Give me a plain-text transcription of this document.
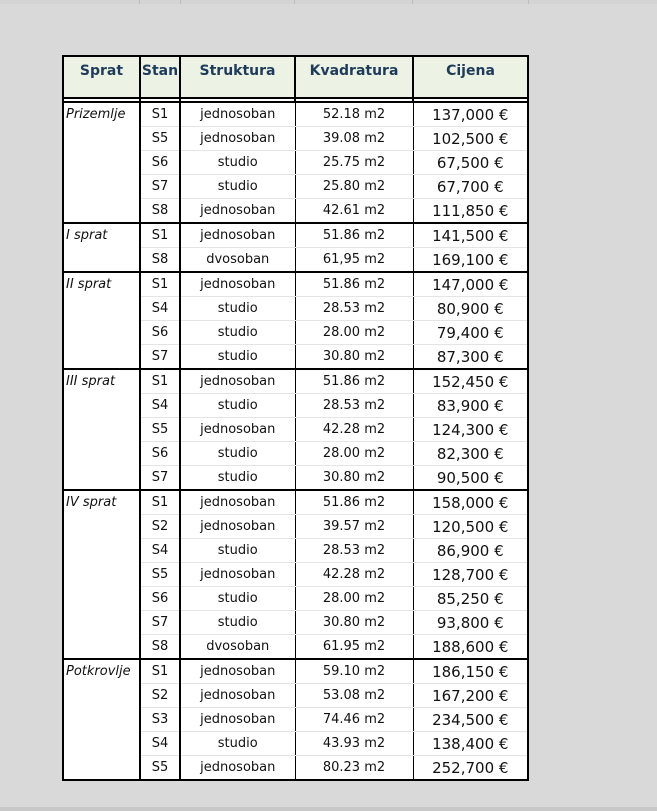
Sprat	Stan	Struktura	Kvadratura	Cijena

Prizemlje	S1	jednosoban	52.18 m2	137,000 €
	S5	jednosoban	39.08 m2	102,500 €
	S6	studio	25.75 m2	67,500 €
	S7	studio	25.80 m2	67,700 €
	S8	jednosoban	42.61 m2	111,850 €
I sprat	S1	jednosoban	51.86 m2	141,500 €
	S8	dvosoban	61,95 m2	169,100 €
II sprat	S1	jednosoban	51.86 m2	147,000 €
	S4	studio	28.53 m2	80,900 €
	S6	studio	28.00 m2	79,400 €
	S7	studio	30.80 m2	87,300 €
III sprat	S1	jednosoban	51.86 m2	152,450 €
	S4	studio	28.53 m2	83,900 €
	S5	jednosoban	42.28 m2	124,300 €
	S6	studio	28.00 m2	82,300 €
	S7	studio	30.80 m2	90,500 €
IV sprat	S1	jednosoban	51.86 m2	158,000 €
	S2	jednosoban	39.57 m2	120,500 €
	S4	studio	28.53 m2	86,900 €
	S5	jednosoban	42.28 m2	128,700 €
	S6	studio	28.00 m2	85,250 €
	S7	studio	30.80 m2	93,800 €
	S8	dvosoban	61.95 m2	188,600 €
Potkrovlje	S1	jednosoban	59.10 m2	186,150 €
	S2	jednosoban	53.08 m2	167,200 €
	S3	jednosoban	74.46 m2	234,500 €
	S4	studio	43.93 m2	138,400 €
	S5	jednosoban	80.23 m2	252,700 €
